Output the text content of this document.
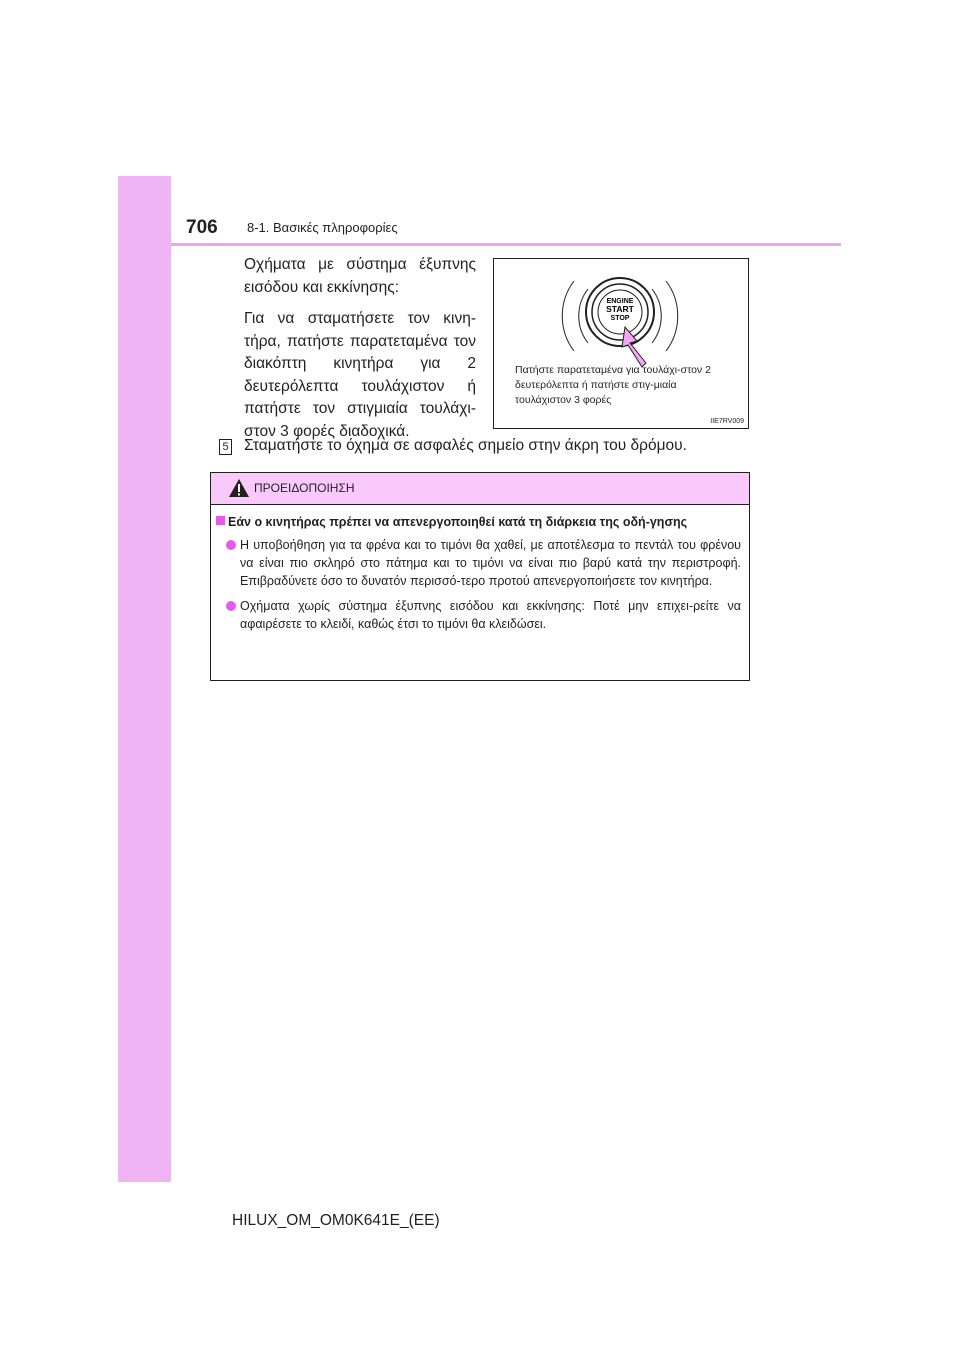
706 8-1. Βασικές πληροφορίες

Οχήματα με σύστημα έξυπνης εισόδου και εκκίνησης:

Για να σταματήσετε τον κινη-τήρα, πατήστε παρατεταμένα τον διακόπτη κινητήρα για 2 δευτερόλεπτα τουλάχιστον ή πατήστε τον στιγμιαία τουλάχι-στον 3 φορές διαδοχικά.

ENGINE
START
STOP

Πατήστε παρατεταμένα για τουλάχι-στον 2 δευτερόλεπτα ή πατήστε στιγ-μιαία τουλάχιστον 3 φορές

IIE7RV009
5 Σταματήστε το όχημα σε ασφαλές σημείο στην άκρη του δρόμου.

ΠΡΟΕΙΔΟΠΟΙΗΣΗ

Εάν ο κινητήρας πρέπει να απενεργοποιηθεί κατά τη διάρκεια της οδή-γησης

Η υποβοήθηση για τα φρένα και το τιμόνι θα χαθεί, με αποτέλεσμα το πεντάλ του φρένου να είναι πιο σκληρό στο πάτημα και το τιμόνι να είναι πιο βαρύ κατά την περιστροφή. Επιβραδύνετε όσο το δυνατόν περισσό-τερο προτού απενεργοποιήσετε τον κινητήρα.

Οχήματα χωρίς σύστημα έξυπνης εισόδου και εκκίνησης: Ποτέ μην επιχει-ρείτε να αφαιρέσετε το κλειδί, καθώς έτσι το τιμόνι θα κλειδώσει.

HILUX_OM_OM0K641E_(EE)
